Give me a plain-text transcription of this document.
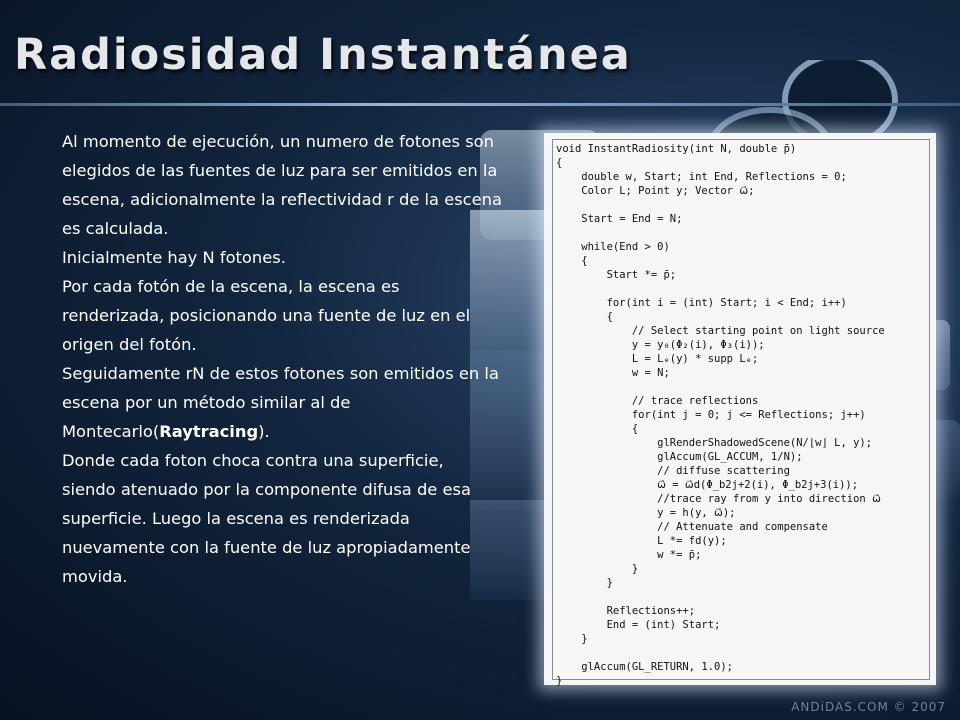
Radiosidad Instantánea

Al momento de ejecución, un numero de fotones son elegidos de las fuentes de luz para ser emitidos en la escena, adicionalmente la reflectividad r de la escena es calculada.

Inicialmente hay N fotones.

Por cada fotón de la escena, la escena es renderizada, posicionando una fuente de luz en el origen del fotón.

Seguidamente rN de estos fotones son emitidos en la escena por un método similar al de Montecarlo(Raytracing).

Donde cada foton choca contra una superficie, siendo atenuado por la componente difusa de esa superficie. Luego la escena es renderizada nuevamente con la fuente de luz apropiadamente movida.

void InstantRadiosity(int N, double p̄)
{
double w, Start; int End, Reflections = 0;
Color L; Point y; Vector ω⃗;
Start = End = N;
while(End > 0)
{
Start *= p̄;
for(int i = (int) Start; i < End; i++)
{
// Select starting point on light source
y = y₀(Φ₂(i), Φ₃(i));
L = Lₑ(y) * supp Lₑ;
w = N;
// trace reflections
for(int j = 0; j <= Reflections; j++)
{
glRenderShadowedScene(N/⌊w⌋ L, y);
glAccum(GL_ACCUM, 1/N);
// diffuse scattering
ω⃗ = ω⃗d(Φ_b2j+2(i), Φ_b2j+3(i));
//trace ray from y into direction ω⃗
y = h(y, ω⃗);
// Attenuate and compensate
L *= fd(y);
w *= p̄;
}
}
Reflections++;
End = (int) Start;
}
glAccum(GL_RETURN, 1.0);
}
ANDiDAS.COM © 2007
